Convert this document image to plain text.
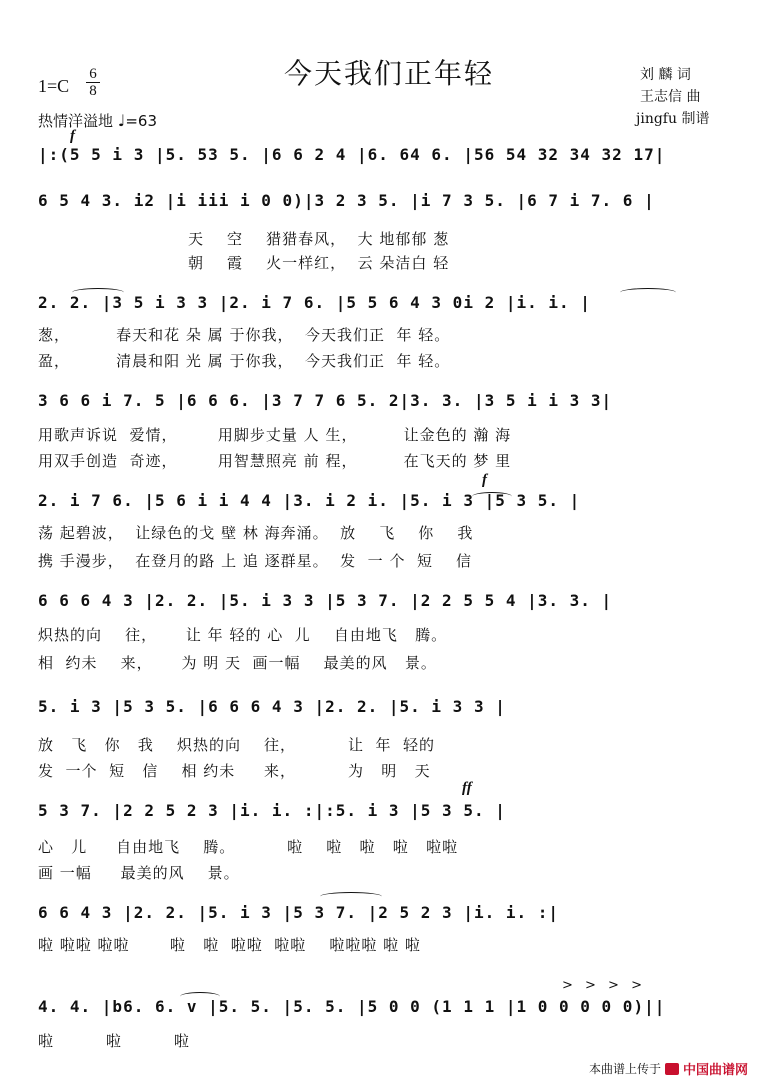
今天我们正年轻	刘 麟 词
王志信 曲
jingfu 制谱
1=C
6
8
热情洋溢地 ♩=63
f
f
ff
> > > >
|:(5 5 i 3 |5. 53 5. |6 6 2 4 |6. 64 6. |56 54 32 34 32 17|
6 5 4 3. i2 |i iii i 0 0)|3 2 3 5. |i 7 3 5. |6 7 i 7. 6 |
天    空    猎猎春风，  大 地郁郁 葱
朝    霞    火一样红，  云 朵洁白 轻
2. 2. |3 5 i 3 3 |2. i 7 6. |5 5 6 4 3 0i 2 |i. i. |
葱，        春天和花 朵 属 于你我，  今天我们正  年 轻。
盈，        清晨和阳 光 属 于你我，  今天我们正  年 轻。
3 6 6 i 7. 5 |6 6 6. |3 7 7 6 5. 2|3. 3. |3 5 i i 3 3|
用歌声诉说  爱情，       用脚步丈量 人 生，        让金色的 瀚 海
用双手创造  奇迹，       用智慧照亮 前 程，        在飞天的 梦 里
2. i 7 6. |5 6 i i 4 4 |3. i 2 i. |5. i 3 |5 3 5. |
荡 起碧波，  让绿色的戈 壁 林 海奔涌。  放    飞    你    我
携 手漫步，  在登月的路 上 追 逐群星。  发  一 个  短    信
6 6 6 4 3 |2. 2. |5. i 3 3 |5 3 7. |2 2 5 5 4 |3. 3. |
炽热的向    往，     让 年 轻的 心  儿    自由地飞   腾。
相  约未    来，     为 明 天  画一幅    最美的风   景。
5. i 3 |5 3 5. |6 6 6 4 3 |2. 2. |5. i 3 3 |
放   飞   你   我    炽热的向    往，         让  年  轻的
发  一个  短   信    相 约未     来，         为   明   天
5 3 7. |2 2 5 2 3 |i. i. :|:5. i 3 |5 3 5. |
心   儿     自由地飞    腾。         啦    啦   啦   啦   啦啦
画 一幅     最美的风    景。
6 6 4 3 |2. 2. |5. i 3 |5 3 7. |2 5 2 3 |i. i. :|
啦 啦啦 啦啦       啦   啦  啦啦  啦啦    啦啦啦 啦 啦
4. 4. |b6. 6. v |5. 5. |5. 5. |5 0 0 (1 1 1 |1 0 0 0 0 0)||
啦         啦         啦
本曲谱上传于 中国曲谱网
